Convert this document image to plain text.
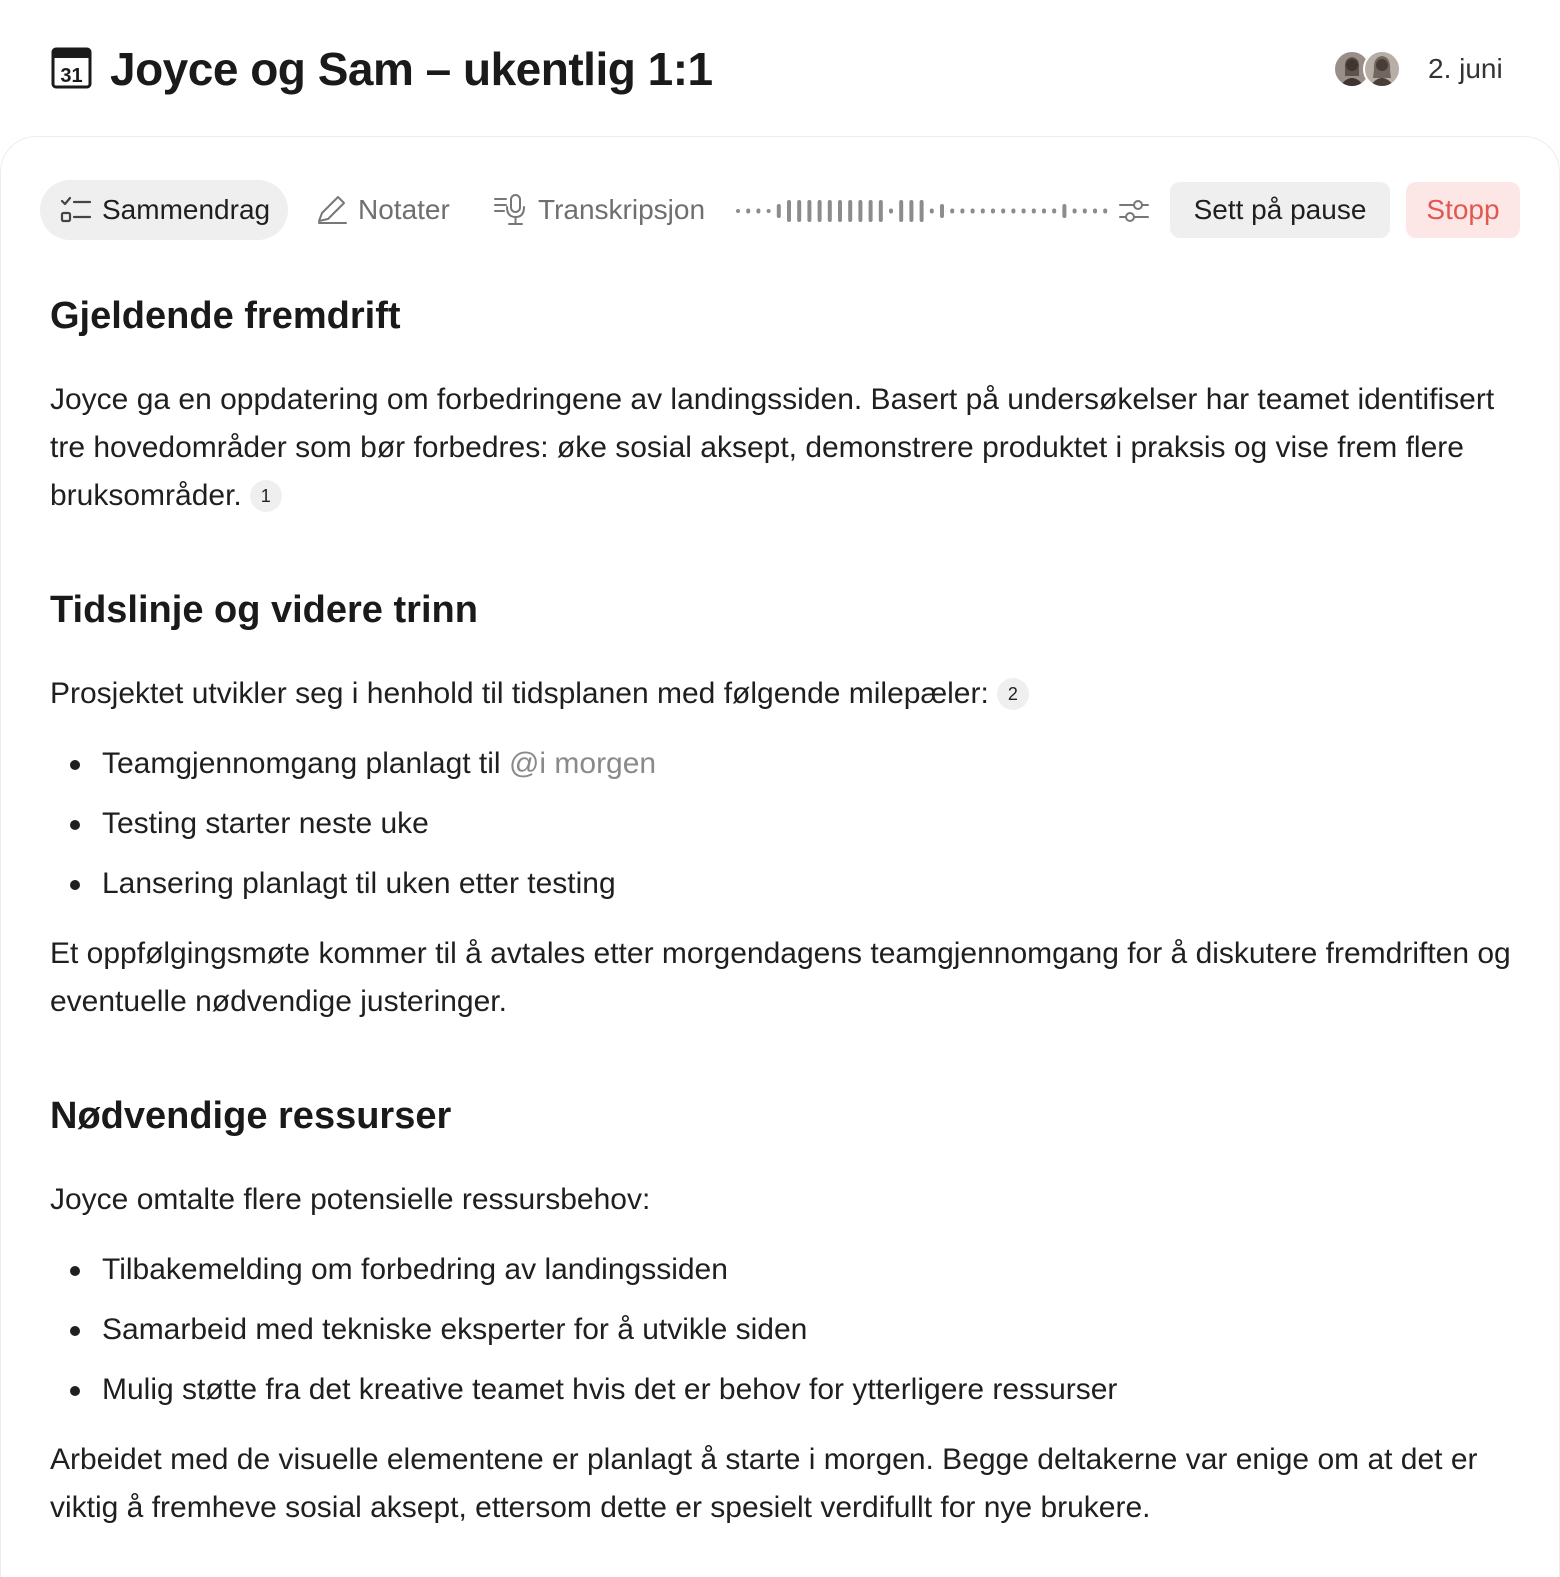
31 Joyce og Sam – ukentlig 1:1	2. juni
Sammendrag	Notater	Transkripsjon	Sett på pause	Stopp
Gjeldende fremdrift

Joyce ga en oppdatering om forbedringene av landingssiden. Basert på undersøkelser har teamet identifisert tre hovedområder som bør forbedres: øke sosial aksept, demonstrere produktet i praksis og vise frem flere bruksområder. 1

Tidslinje og videre trinn

Prosjektet utvikler seg i henhold til tidsplanen med følgende milepæler: 2

Teamgjennomgang planlagt til @i morgen
Testing starter neste uke
Lansering planlagt til uken etter testing

Et oppfølgingsmøte kommer til å avtales etter morgendagens teamgjennomgang for å diskutere fremdriften og eventuelle nødvendige justeringer.

Nødvendige ressurser

Joyce omtalte flere potensielle ressursbehov:

Tilbakemelding om forbedring av landingssiden
Samarbeid med tekniske eksperter for å utvikle siden
Mulig støtte fra det kreative teamet hvis det er behov for ytterligere ressurser

Arbeidet med de visuelle elementene er planlagt å starte i morgen. Begge deltakerne var enige om at det er viktig å fremheve sosial aksept, ettersom dette er spesielt verdifullt for nye brukere.
